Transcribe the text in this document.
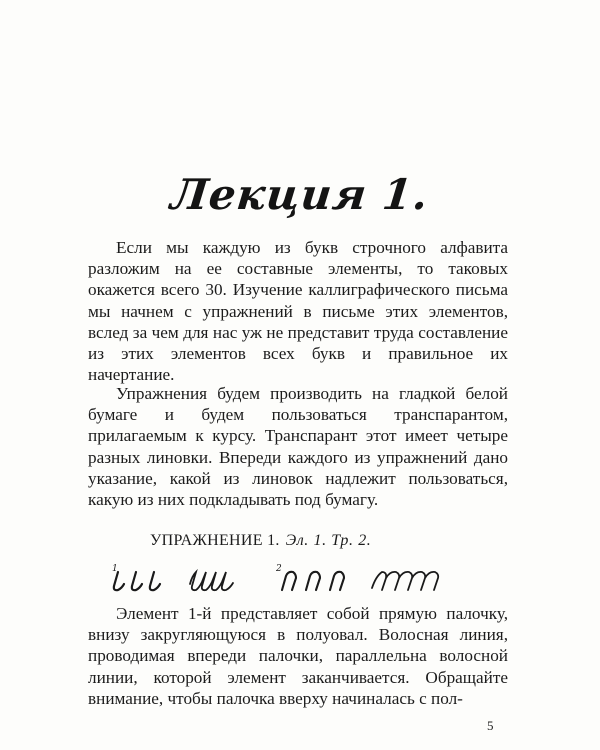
Лекция 1.

Если мы каждую из букв строчного алфавита разложим на ее составные элементы, то таковых окажется всего 30. Изучение каллиграфического письма мы начнем с упражнений в письме этих элементов, вслед за чем для нас уж не представит труда составление из этих элементов всех букв и правильное их начертание.

Упражнения будем производить на гладкой белой бумаге и будем пользоваться транспарантом, прилагаемым к курсу. Транспарант этот имеет четыре разных линовки. Впереди каждого из упражнений дано указание, какой из линовок надлежит пользоваться, какую из них подкладывать под бумагу.

УПРАЖНЕНИЕ 1. Эл. 1. Тр. 2.
1	2

Элемент 1-й представляет собой прямую палочку, внизу закругляющуюся в полуовал. Волосная линия, проводимая впереди палочки, параллельна волосной линии, которой элемент заканчивается. Обращайте внимание, чтобы палочка вверху начиналась с пол-

5
